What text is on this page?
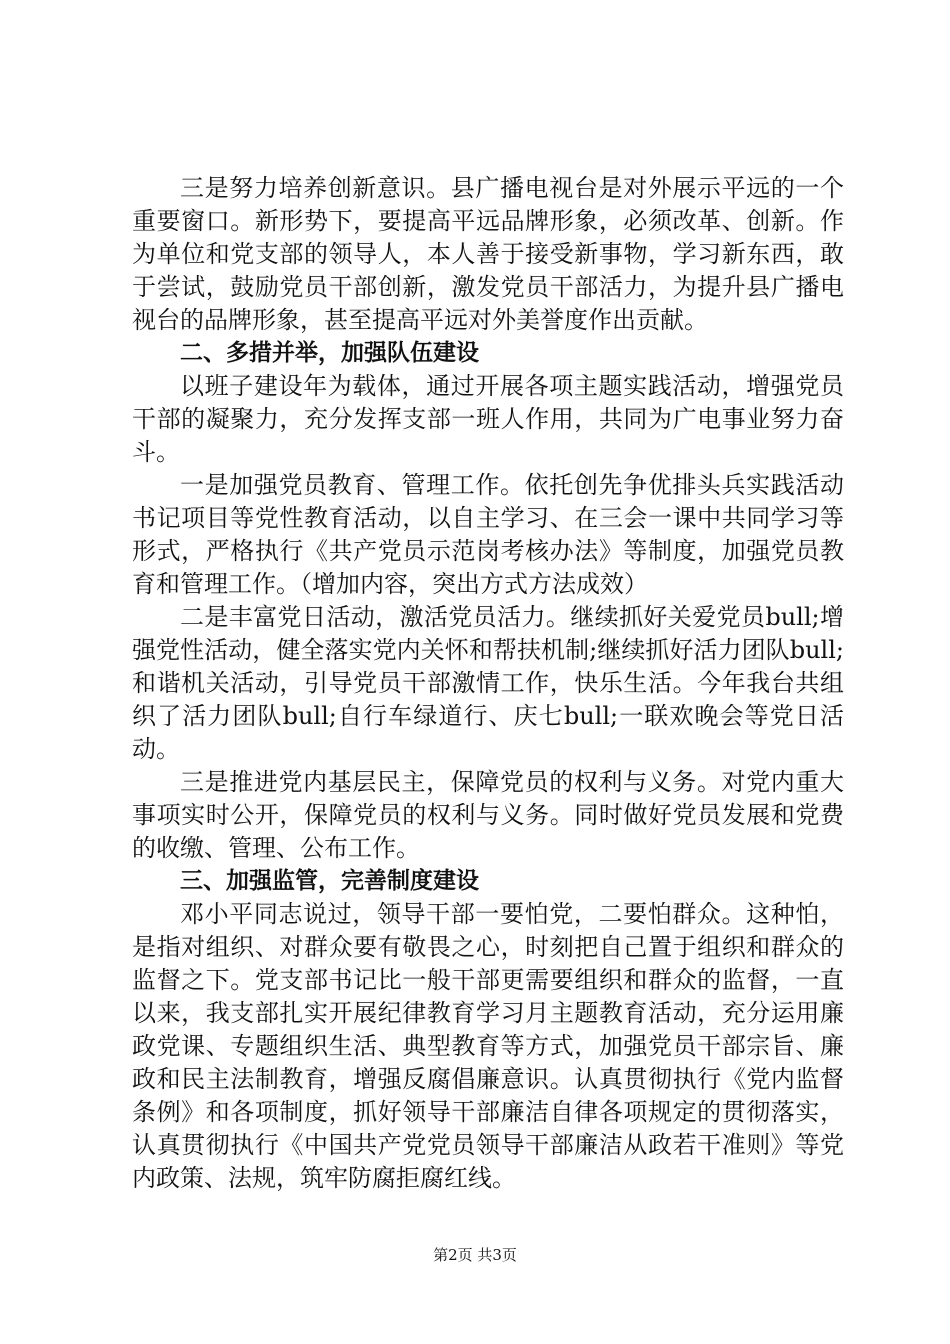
三是努力培养创新意识。县广播电视台是对外展示平远的一个重要窗口。新形势下，要提高平远品牌形象，必须改革、创新。作为单位和党支部的领导人，本人善于接受新事物，学习新东西，敢于尝试，鼓励党员干部创新，激发党员干部活力，为提升县广播电视台的品牌形象，甚至提高平远对外美誉度作出贡献。

二、多措并举，加强队伍建设

以班子建设年为载体，通过开展各项主题实践活动，增强党员干部的凝聚力，充分发挥支部一班人作用，共同为广电事业努力奋斗。

一是加强党员教育、管理工作。依托创先争优排头兵实践活动书记项目等党性教育活动，以自主学习、在三会一课中共同学习等形式，严格执行《共产党员示范岗考核办法》等制度，加强党员教育和管理工作。（增加内容，突出方式方法成效）

二是丰富党日活动，激活党员活力。继续抓好关爱党员bull;增强党性活动，健全落实党内关怀和帮扶机制;继续抓好活力团队bull;和谐机关活动，引导党员干部激情工作，快乐生活。今年我台共组织了活力团队bull;自行车绿道行、庆七bull;一联欢晚会等党日活动。

三是推进党内基层民主，保障党员的权利与义务。对党内重大事项实时公开，保障党员的权利与义务。同时做好党员发展和党费的收缴、管理、公布工作。

三、加强监管，完善制度建设

邓小平同志说过，领导干部一要怕党，二要怕群众。这种怕，是指对组织、对群众要有敬畏之心，时刻把自己置于组织和群众的监督之下。党支部书记比一般干部更需要组织和群众的监督，一直以来，我支部扎实开展纪律教育学习月主题教育活动，充分运用廉政党课、专题组织生活、典型教育等方式，加强党员干部宗旨、廉政和民主法制教育，增强反腐倡廉意识。认真贯彻执行《党内监督条例》和各项制度，抓好领导干部廉洁自律各项规定的贯彻落实，认真贯彻执行《中国共产党党员领导干部廉洁从政若干准则》等党内政策、法规，筑牢防腐拒腐红线。

第2页 共3页
